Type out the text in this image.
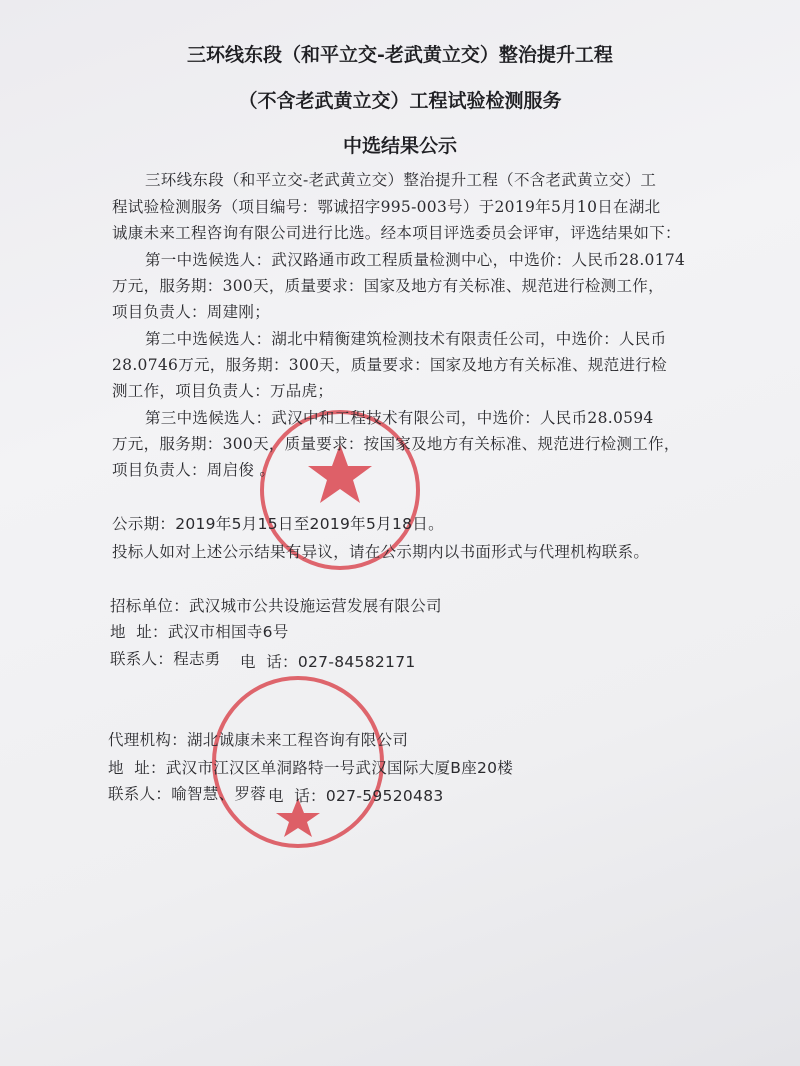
三环线东段（和平立交-老武黄立交）整治提升工程
（不含老武黄立交）工程试验检测服务
中选结果公示
三环线东段（和平立交-老武黄立交）整治提升工程（不含老武黄立交）工
程试验检测服务（项目编号：鄂诚招字995-003号）于2019年5月10日在湖北
诚康未来工程咨询有限公司进行比选。经本项目评选委员会评审，评选结果如下：
第一中选候选人：武汉路通市政工程质量检测中心，中选价：人民币28.0174
万元，服务期：300天，质量要求：国家及地方有关标准、规范进行检测工作，
项目负责人：周建刚；
第二中选候选人：湖北中精衡建筑检测技术有限责任公司，中选价：人民币
28.0746万元，服务期：300天，质量要求：国家及地方有关标准、规范进行检
测工作，项目负责人：万品虎；
第三中选候选人：武汉中和工程技术有限公司，中选价：人民币28.0594
万元，服务期：300天，质量要求：按国家及地方有关标准、规范进行检测工作，
项目负责人：周启俊 。
公示期：2019年5月15日至2019年5月18日。
投标人如对上述公示结果有异议，请在公示期内以书面形式与代理机构联系。
招标单位：武汉城市公共设施运营发展有限公司
地  址：武汉市相国寺6号
联系人：程志勇 电  话：027-84582171
代理机构：湖北诚康未来工程咨询有限公司
地  址：武汉市江汉区单洞路特一号武汉国际大厦B座20楼
联系人：喻智慧、罗蓉 电  话：027-59520483
